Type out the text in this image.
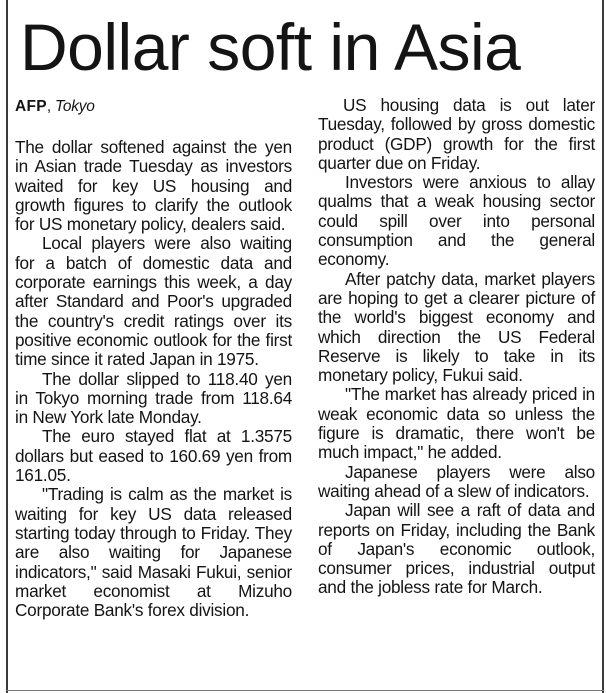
Dollar soft in Asia
AFP, Tokyo

The dollar softened against the yen in Asian trade Tuesday as investors waited for key US housing and growth figures to clarify the outlook for US monetary policy, dealers said.

Local players were also waiting for a batch of domestic data and corporate earnings this week, a day after Standard and Poor's upgraded the country's credit ratings over its positive economic outlook for the first time since it rated Japan in 1975.

The dollar slipped to 118.40 yen in Tokyo morning trade from 118.64 in New York late Monday.

The euro stayed flat at 1.3575 dollars but eased to 160.69 yen from 161.05.

"Trading is calm as the market is waiting for key US data released starting today through to Friday. They are also waiting for Japanese indicators," said Masaki Fukui, senior market economist at Mizuho Corporate Bank's forex division.

US housing data is out later Tuesday, followed by gross domestic product (GDP) growth for the first quarter due on Friday.

Investors were anxious to allay qualms that a weak housing sector could spill over into personal consumption and the general economy.

After patchy data, market players are hoping to get a clearer picture of the world's biggest economy and which direction the US Federal Reserve is likely to take in its monetary policy, Fukui said.

"The market has already priced in weak economic data so unless the figure is dramatic, there won't be much impact," he added.

Japanese players were also waiting ahead of a slew of indicators.

Japan will see a raft of data and reports on Friday, including the Bank of Japan's economic outlook, consumer prices, industrial output and the jobless rate for March.
